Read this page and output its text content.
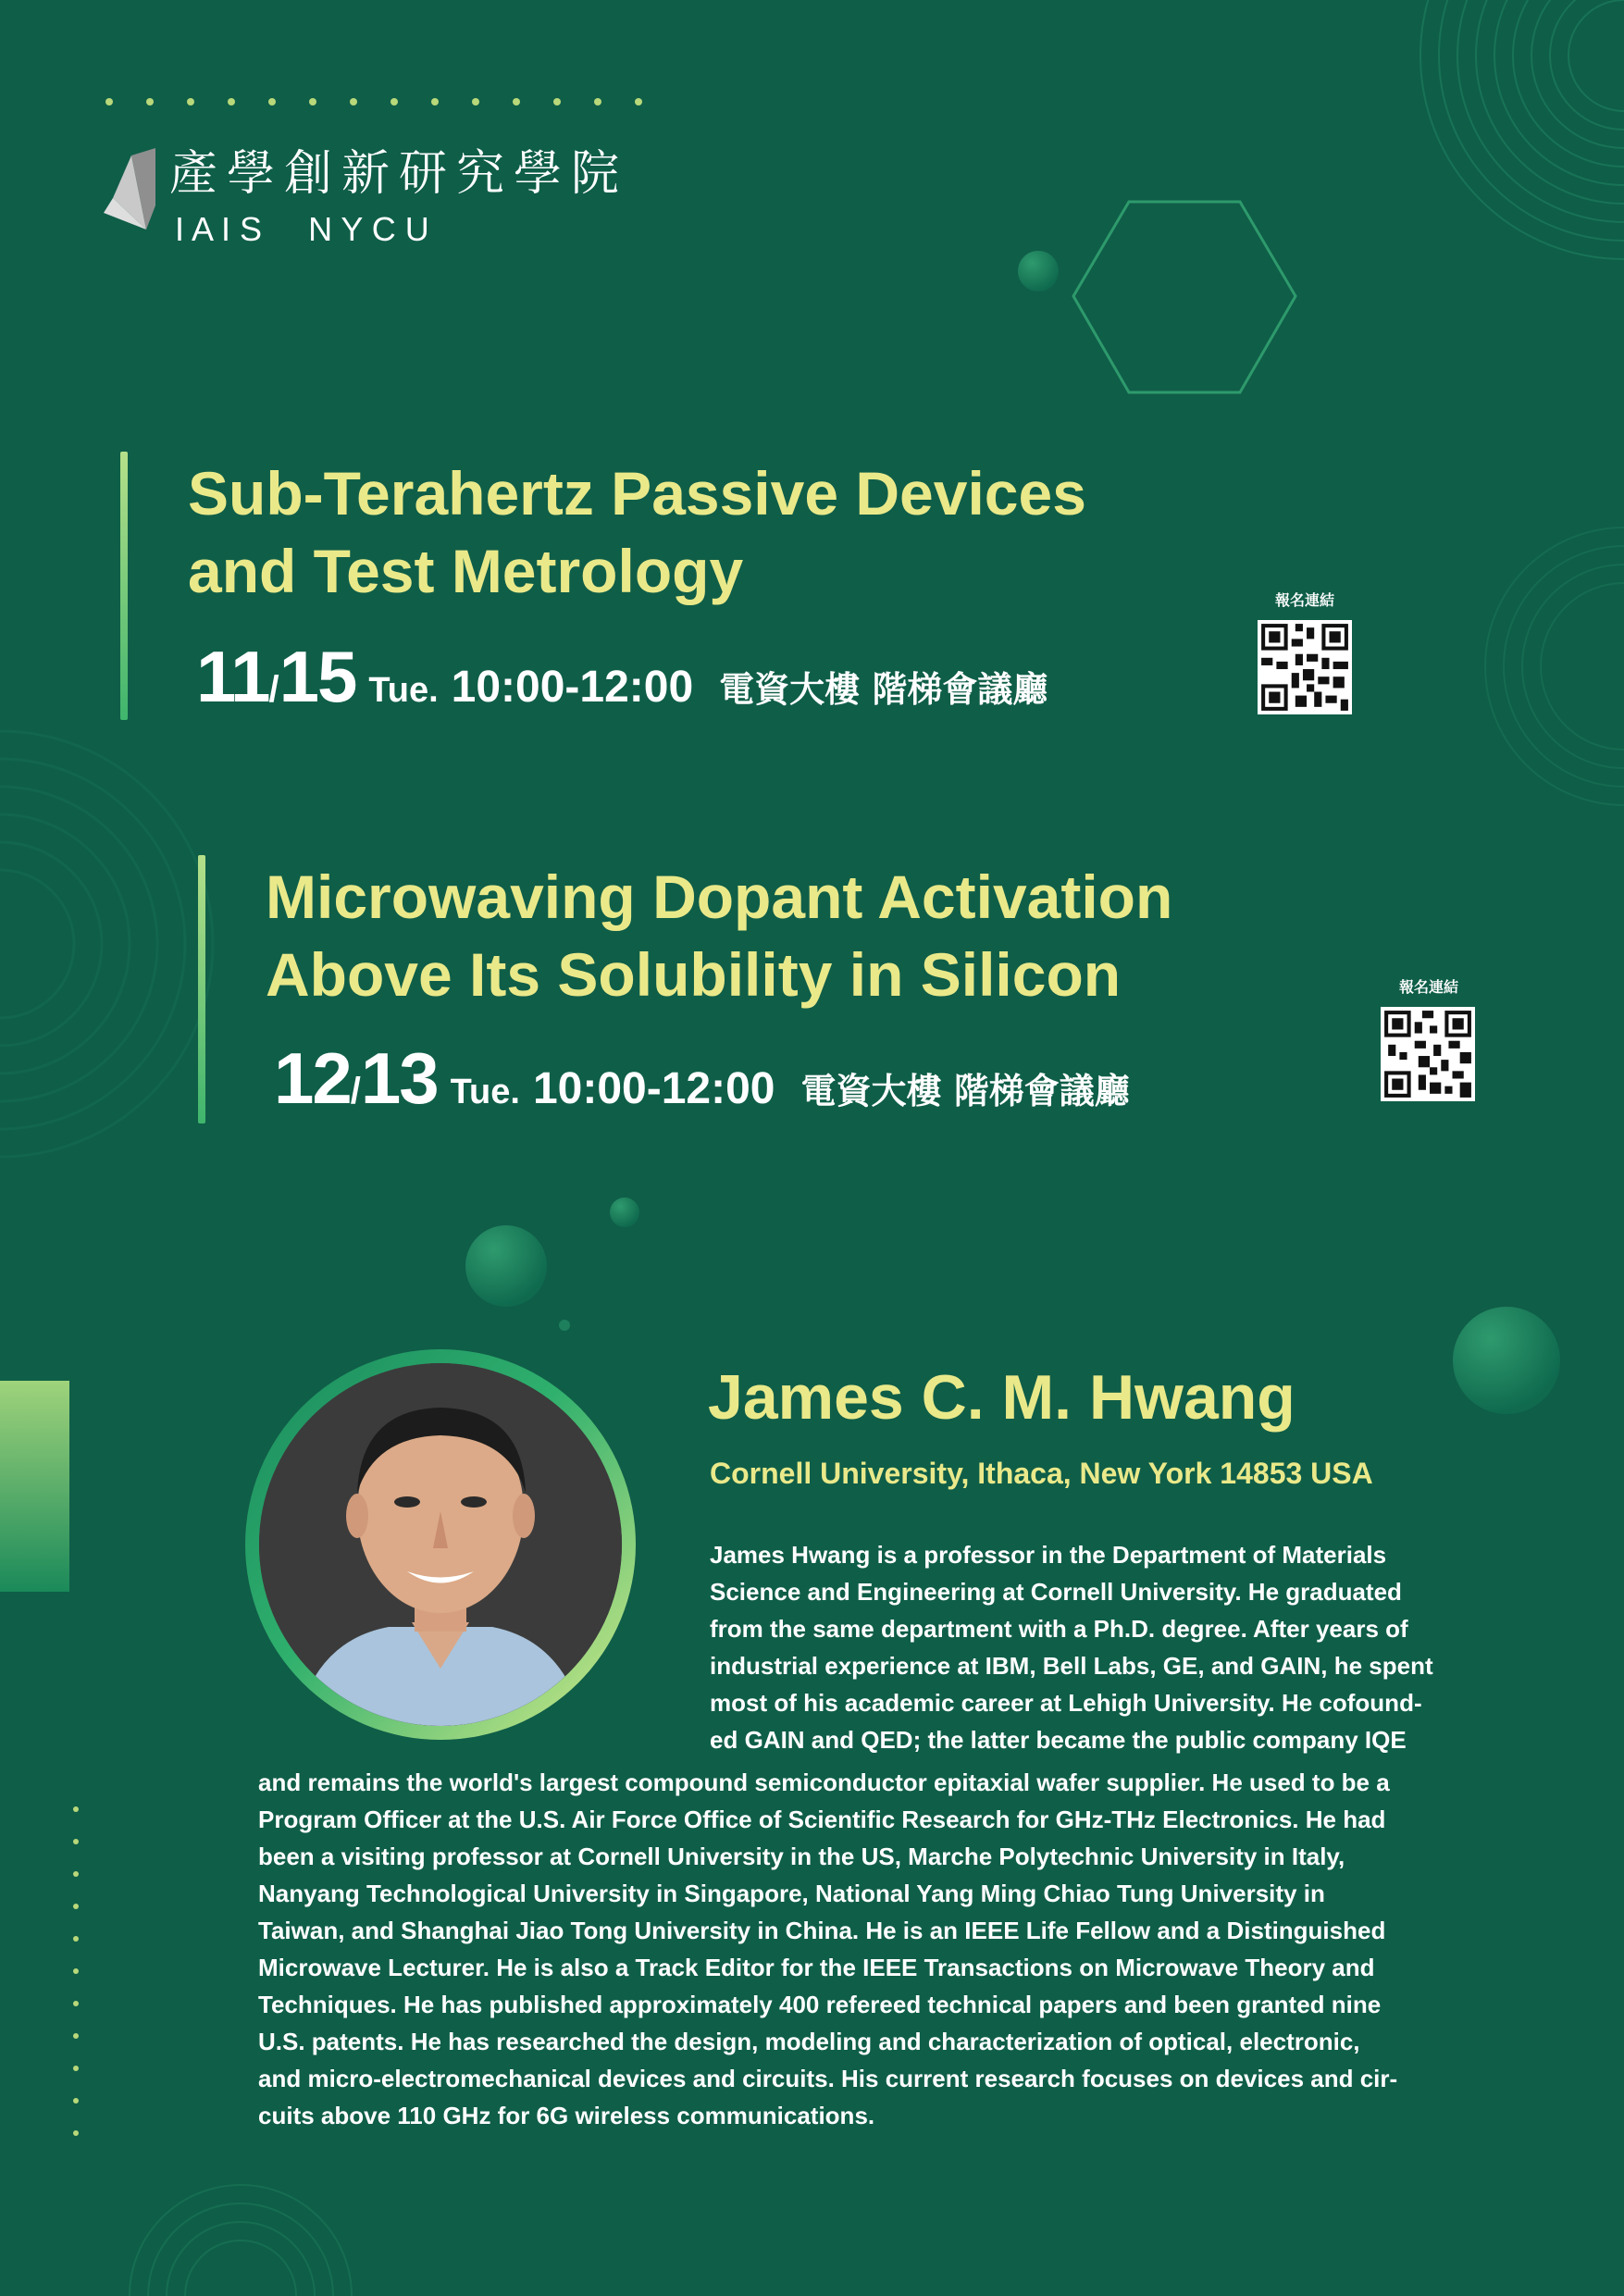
產學創新研究學院
I A I S     N Y C U
Sub-Terahertz Passive Devices
and Test Metrology
11/15 Tue. 10:00-12:00 電資大樓 階梯會議廳
報名連結
Microwaving Dopant Activation
Above Its Solubility in Silicon
12/13 Tue. 10:00-12:00 電資大樓 階梯會議廳
報名連結
James C. M. Hwang
Cornell University, Ithaca, New York 14853 USA
James Hwang is a professor in the Department of Materials
Science and Engineering at Cornell University. He graduated
from the same department with a Ph.D. degree. After years of
industrial experience at IBM, Bell Labs, GE, and GAIN, he spent
most of his academic career at Lehigh University. He cofound-
ed GAIN and QED; the latter became the public company IQE
and remains the world's largest compound semiconductor epitaxial wafer supplier. He used to be a
Program Officer at the U.S. Air Force Office of Scientific Research for GHz-THz Electronics. He had
been a visiting professor at Cornell University in the US, Marche Polytechnic University in Italy,
Nanyang Technological University in Singapore, National Yang Ming Chiao Tung University in
Taiwan, and Shanghai Jiao Tong University in China. He is an IEEE Life Fellow and a Distinguished
Microwave Lecturer. He is also a Track Editor for the IEEE Transactions on Microwave Theory and
Techniques. He has published approximately 400 refereed technical papers and been granted nine
U.S. patents. He has researched the design, modeling and characterization of optical, electronic,
and micro-electromechanical devices and circuits. His current research focuses on devices and cir-
cuits above 110 GHz for 6G wireless communications.
